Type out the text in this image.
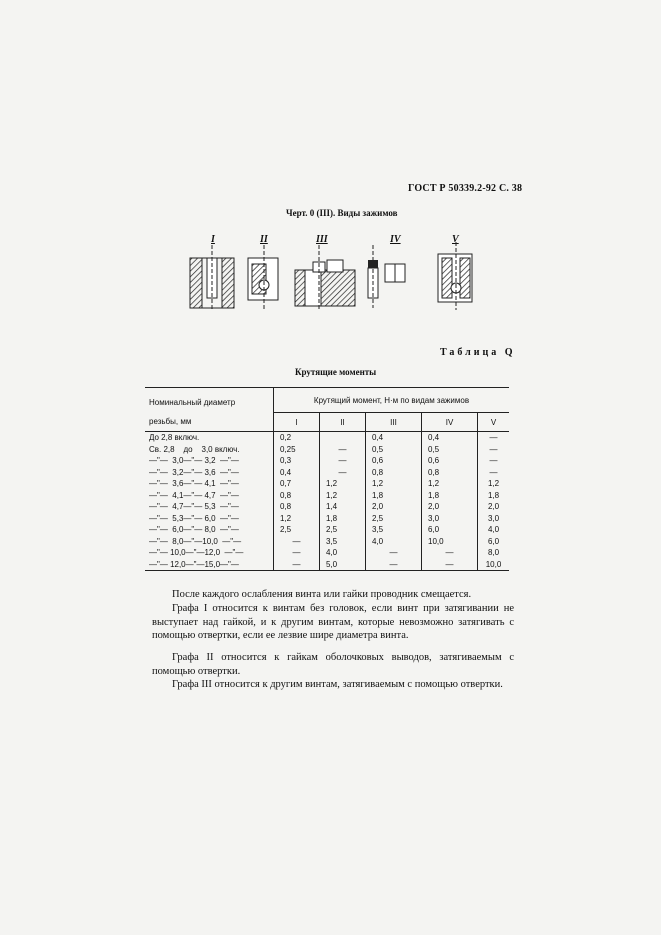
ГОСТ Р 50339.2-92 С. 38
Черт. 0 (III). Виды зажимов
I	II	III	IV	V
Таблица Q
Крутящие моменты
Номинальный диаметр	Крутящий момент, Н·м по видам зажимов				
резьбы, мм	I	II	III	IV	V
До 2,8 включ.	0,2		0,4	0,4	—
Св. 2,8    до    3,0 включ.	0,25	—	0,5	0,5	—
—"—  3,0—"— 3,2  —"—	0,3	—	0,6	0,6	—
—"—  3,2—"— 3,6  —"—	0,4	—	0,8	0,8	—
—"—  3,6—"— 4,1  —"—	0,7	1,2	1,2	1,2	1,2
—"—  4,1—"— 4,7  —"—	0,8	1,2	1,8	1,8	1,8
—"—  4,7—"— 5,3  —"—	0,8	1,4	2,0	2,0	2,0
—"—  5,3—"— 6,0  —"—	1,2	1,8	2,5	3,0	3,0
—"—  6,0—"— 8,0  —"—	2,5	2,5	3,5	6,0	4,0
—"—  8,0—"—10,0  —"—	—	3,5	4,0	10,0	6,0
—"— 10,0—"—12,0  —"—	—	4,0	—	—	8,0
—"— 12,0—"—15,0—"—	—	5,0	—	—	10,0
После каждого ослабления винта или гайки проводник смещается.
Графа I относится к винтам без головок, если винт при затягивании не выступает над гайкой, и к другим винтам, которые невозможно затягивать с помощью отвертки, если ее лезвие шире диаметра винта.
Графа II относится к гайкам оболочковых выводов, затягиваемым с помощью отвертки.
Графа III относится к другим винтам, затягиваемым с помощью отвертки.
